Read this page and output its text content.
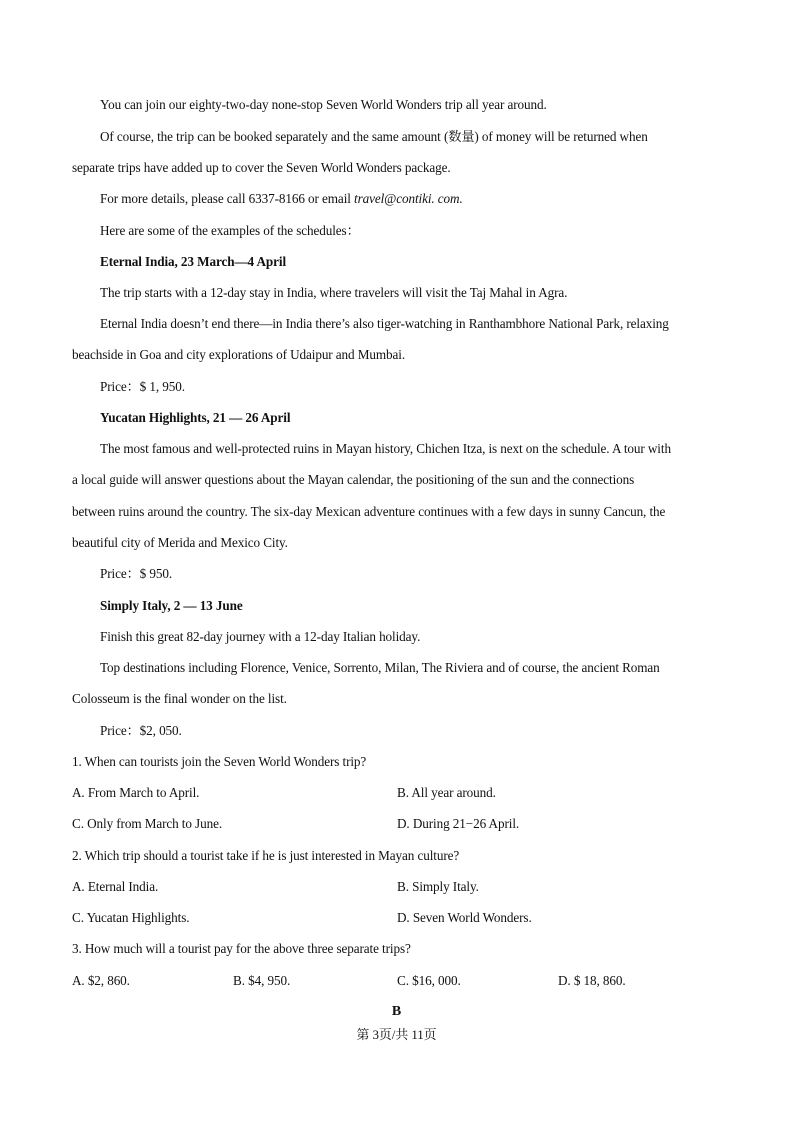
You can join our eighty-two-day none-stop Seven World Wonders trip all year around.
Of course, the trip can be booked separately and the same amount (数量) of money will be returned when
separate trips have added up to cover the Seven World Wonders package.
For more details, please call 6337-8166 or email travel@contiki. com.
Here are some of the examples of the schedules：
Eternal India, 23 March—4 April
The trip starts with a 12-day stay in India, where travelers will visit the Taj Mahal in Agra.
Eternal India doesn’t end there—in India there’s also tiger-watching in Ranthambhore National Park, relaxing
beachside in Goa and city explorations of Udaipur and Mumbai.
Price：$ 1, 950.
Yucatan Highlights, 21 — 26 April
The most famous and well-protected ruins in Mayan history, Chichen Itza, is next on the schedule. A tour with
a local guide will answer questions about the Mayan calendar, the positioning of the sun and the connections
between ruins around the country. The six-day Mexican adventure continues with a few days in sunny Cancun, the
beautiful city of Merida and Mexico City.
Price：$ 950.
Simply Italy, 2 — 13 June
Finish this great 82-day journey with a 12-day Italian holiday.
Top destinations including Florence, Venice, Sorrento, Milan, The Riviera and of course, the ancient Roman
Colosseum is the final wonder on the list.
Price：$2, 050.
1. When can tourists join the Seven World Wonders trip?
A. From March to April.	B. All year around.
C. Only from March to June.	D. During 21−26 April.
2. Which trip should a tourist take if he is just interested in Mayan culture?
A. Eternal India.	B. Simply Italy.
C. Yucatan Highlights.	D. Seven World Wonders.
3. How much will a tourist pay for the above three separate trips?
A. $2, 860.	B. $4, 950.	C. $16, 000.	D. $ 18, 860.
B
第 3页/共 11页
